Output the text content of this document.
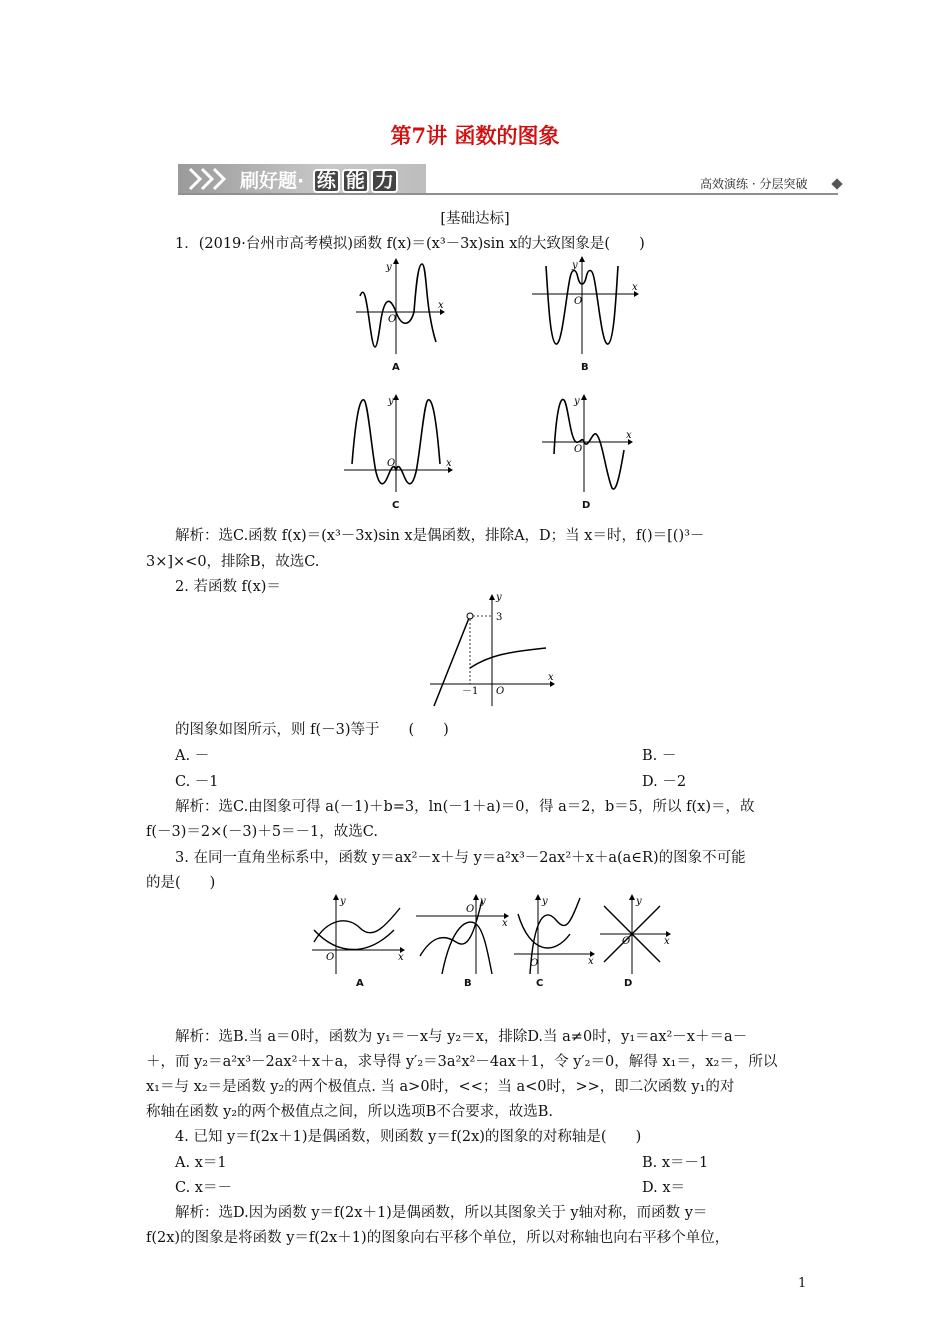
第7讲 函数的图象
刷好题· 练 能 力	高效演练 · 分层突破
[基础达标]
1．(2019·台州市高考模拟)函数 f(x)＝(x³－3x)sin x的大致图象是(　　)
y
x
O
A
y
x
O
B
y
x
O
C
y
x
O
D
解析：选C.函数 f(x)＝(x³－3x)sin x是偶函数，排除A，D；当 x＝时，f()＝[()³－
3×]×<0，排除B，故选C.
2. 若函数 f(x)＝
y
x
3
－1 O
的图象如图所示，则 f(－3)等于　　(　　)
A. －	B. －
C. －1	D. －2
解析：选C.由图象可得 a(－1)＋b=3，ln(－1＋a)＝0，得 a＝2，b＝5，所以 f(x)＝，故
f(－3)＝2×(－3)＋5＝－1，故选C.
3. 在同一直角坐标系中，函数 y＝ax²－x＋与 y＝a²x³－2ax²＋x＋a(a∈R)的图象不可能
的是(　　)
y
x
O
A
y
x
O
B
y
x
O
C
y
x
O
D
解析：选B.当 a＝0时，函数为 y₁＝－x与 y₂＝x，排除D.当 a≠0时，y₁＝ax²－x＋＝a－
＋，而 y₂＝a²x³－2ax²＋x＋a，求导得 y′₂＝3a²x²－4ax＋1，令 y′₂＝0，解得 x₁＝，x₂＝，所以
x₁＝与 x₂＝是函数 y₂的两个极值点. 当 a>0时，<<；当 a<0时，>>，即二次函数 y₁的对
称轴在函数 y₂的两个极值点之间，所以选项B不合要求，故选B.
4. 已知 y＝f(2x＋1)是偶函数，则函数 y＝f(2x)的图象的对称轴是(　　)
A. x＝1	B. x＝－1
C. x＝－	D. x＝
解析：选D.因为函数 y＝f(2x＋1)是偶函数，所以其图象关于 y轴对称，而函数 y＝
f(2x)的图象是将函数 y＝f(2x＋1)的图象向右平移个单位，所以对称轴也向右平移个单位，
1
